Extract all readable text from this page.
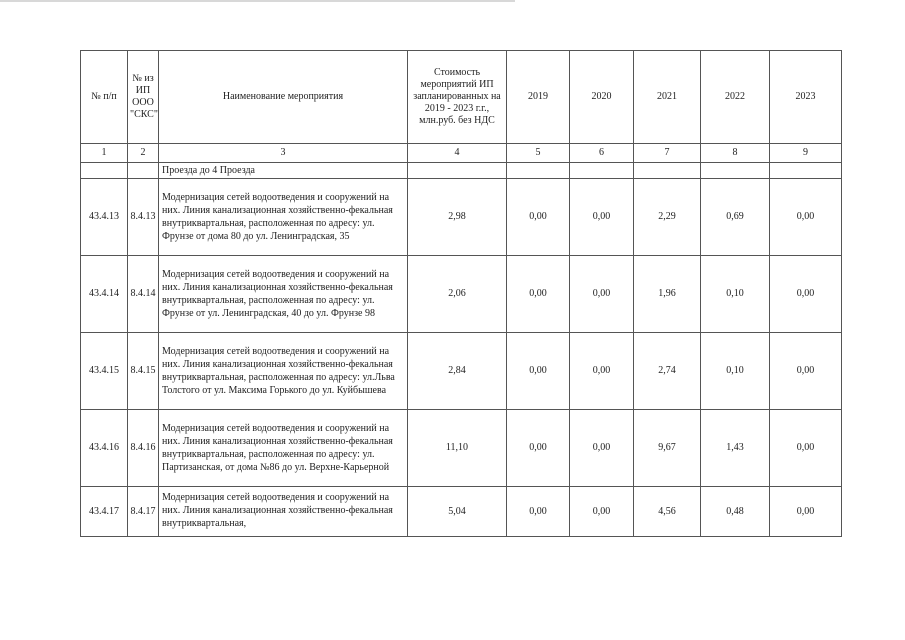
№ п/п	№ из ИП ООО "СКС"	Наименование мероприятия	Стоимость мероприятий ИП запланированных на 2019 - 2023 г.г., млн.руб. без НДС	2019	2020	2021	2022	2023
1	2	3	4	5	6	7	8	9
		Проезда до 4 Проезда						
43.4.13	8.4.13	Модернизация сетей водоотведения и сооружений на них. Линия канализационная хозяйственно-фекальная внутриквартальная, расположенная по адресу: ул. Фрунзе от дома 80 до ул. Ленинградская, 35	2,98	0,00	0,00	2,29	0,69	0,00
43.4.14	8.4.14	Модернизация сетей водоотведения и сооружений на них. Линия канализационная хозяйственно-фекальная внутриквартальная, расположенная по адресу: ул. Фрунзе от ул. Ленинградская, 40 до ул. Фрунзе 98	2,06	0,00	0,00	1,96	0,10	0,00
43.4.15	8.4.15	Модернизация сетей водоотведения и сооружений на них. Линия канализационная хозяйственно-фекальная внутриквартальная, расположенная по адресу: ул.Льва Толстого от ул. Максима Горького до ул. Куйбышева	2,84	0,00	0,00	2,74	0,10	0,00
43.4.16	8.4.16	Модернизация сетей водоотведения и сооружений на них. Линия канализационная хозяйственно-фекальная внутриквартальная, расположенная по адресу: ул. Партизанская, от дома №86 до ул. Верхне-Карьерной	11,10	0,00	0,00	9,67	1,43	0,00
43.4.17	8.4.17	Модернизация сетей водоотведения и сооружений на них. Линия канализационная хозяйственно-фекальная внутриквартальная,	5,04	0,00	0,00	4,56	0,48	0,00
